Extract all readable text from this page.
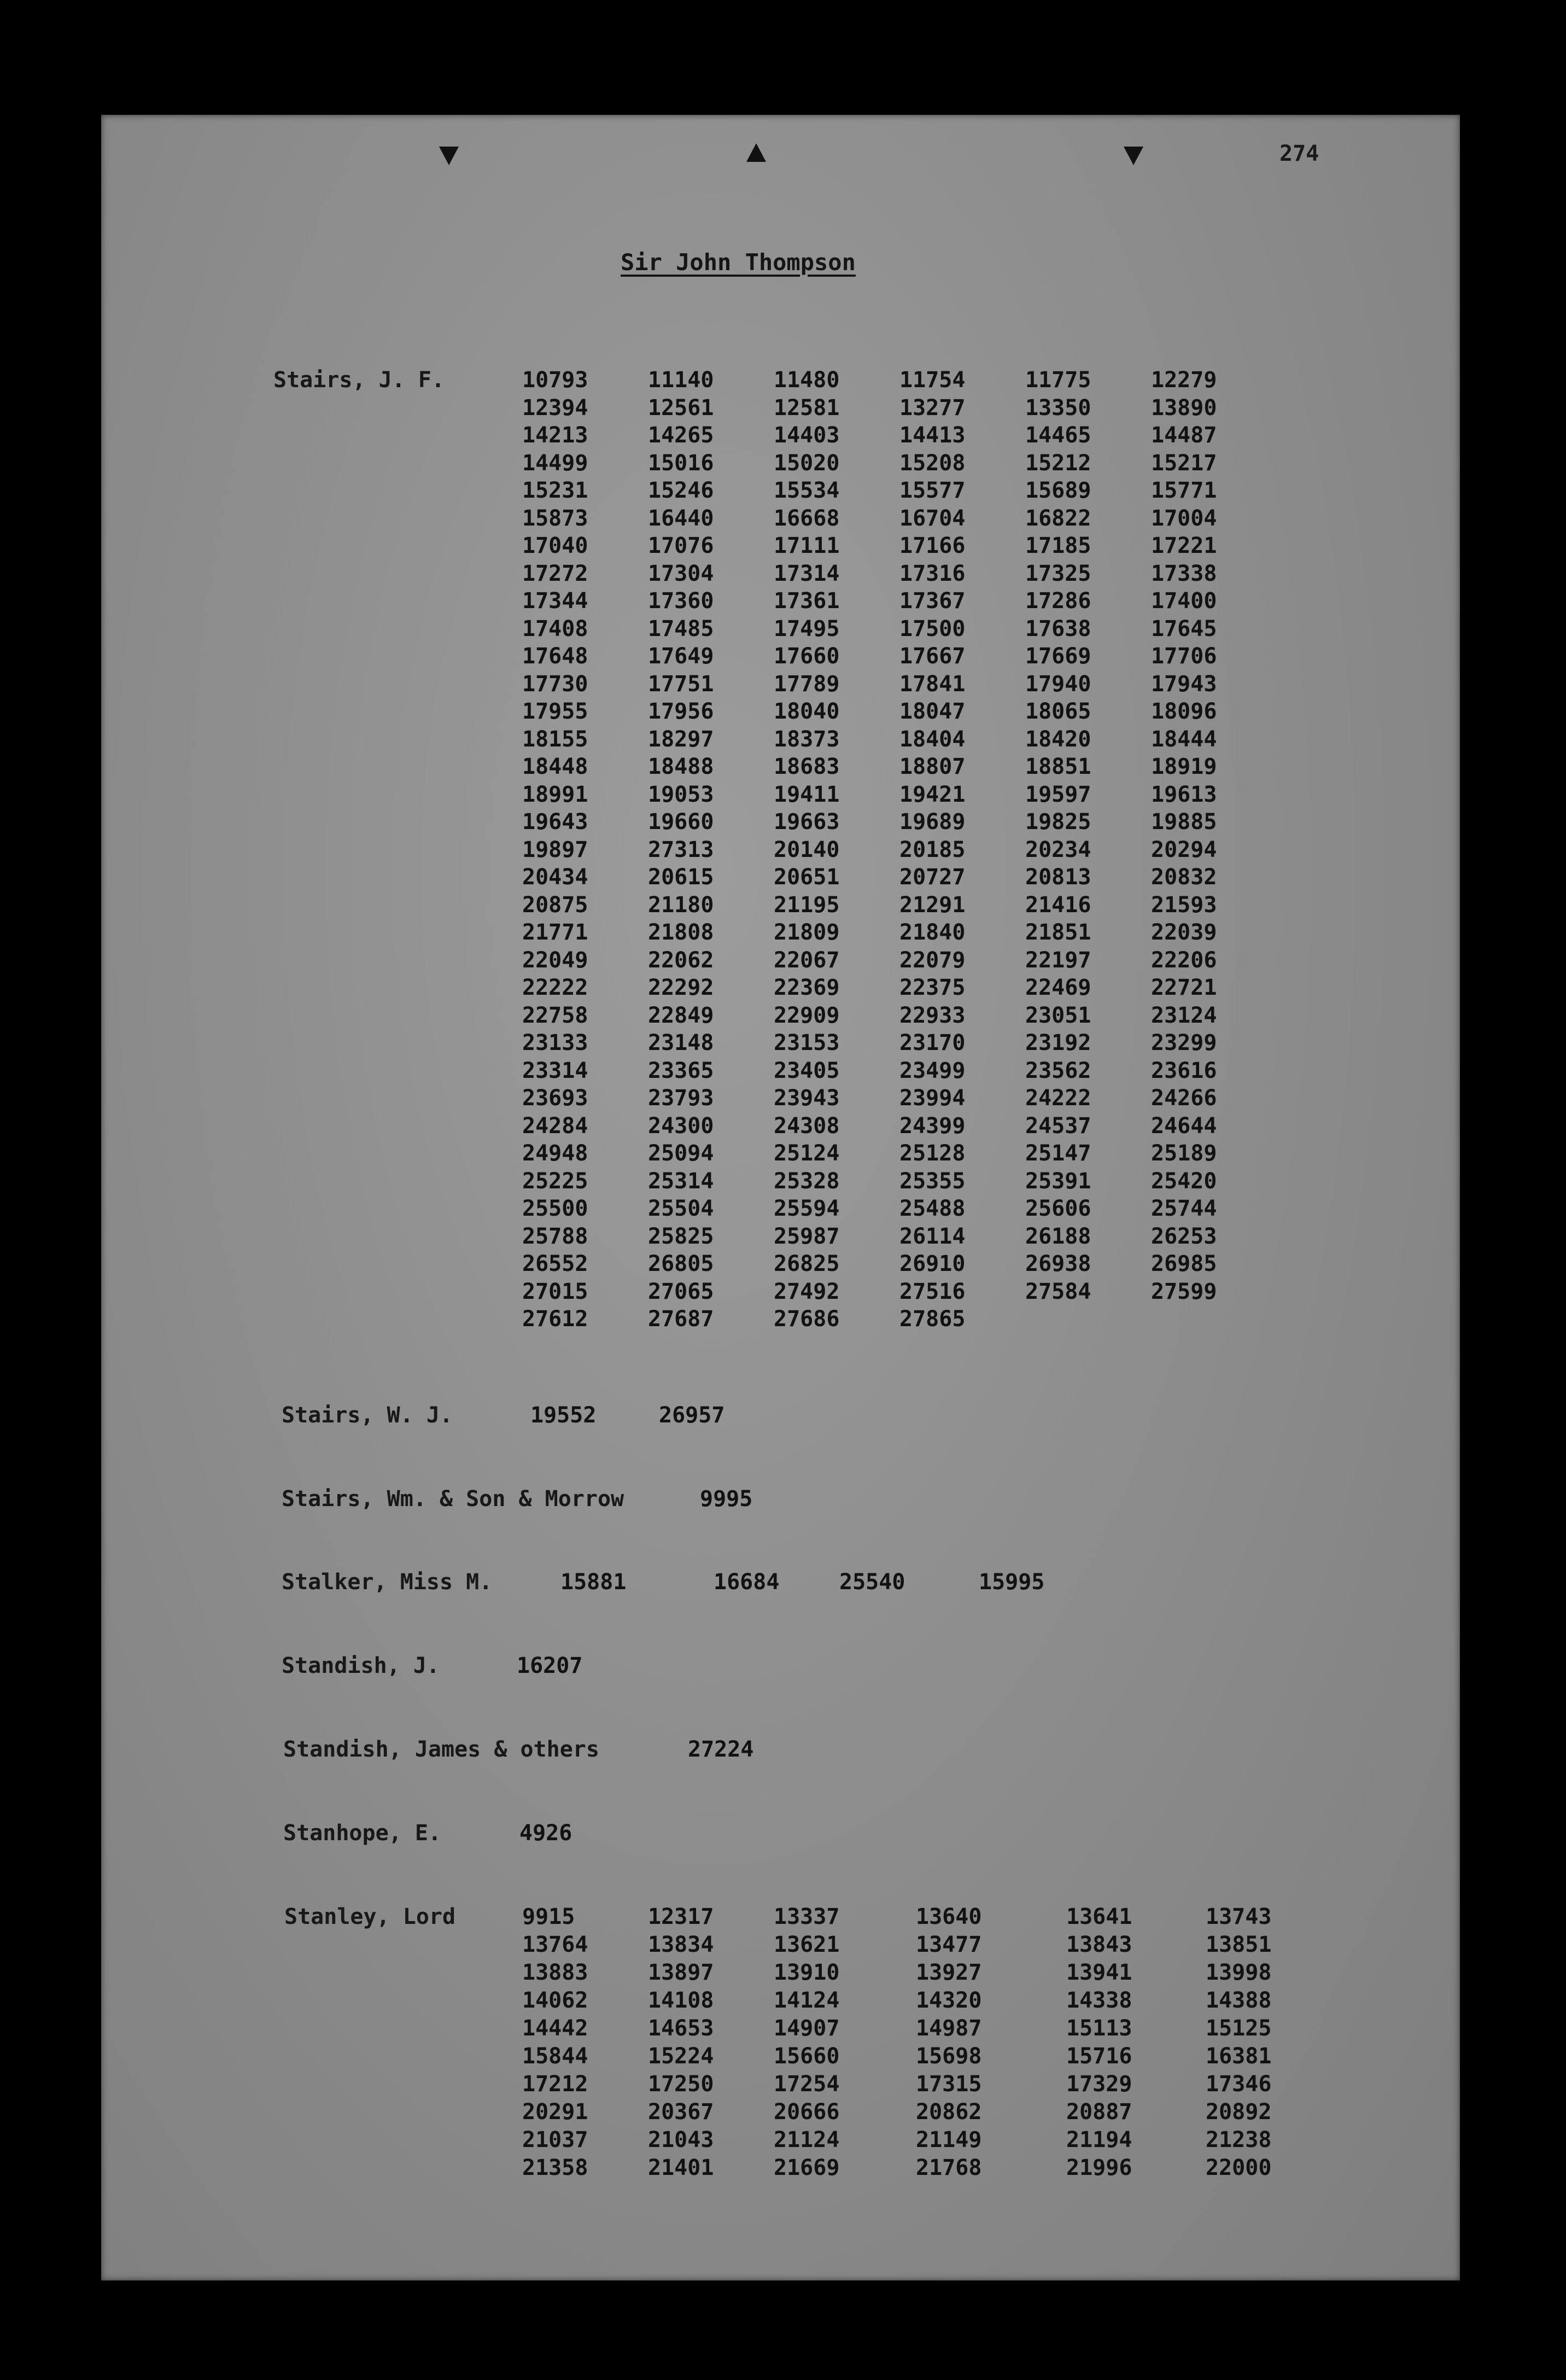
274
Sir John Thompson
Stairs, J. F.	10793	11140	11480	11754	11775	12279
12394	12561	12581	13277	13350	13890
14213	14265	14403	14413	14465	14487
14499	15016	15020	15208	15212	15217
15231	15246	15534	15577	15689	15771
15873	16440	16668	16704	16822	17004
17040	17076	17111	17166	17185	17221
17272	17304	17314	17316	17325	17338
17344	17360	17361	17367	17286	17400
17408	17485	17495	17500	17638	17645
17648	17649	17660	17667	17669	17706
17730	17751	17789	17841	17940	17943
17955	17956	18040	18047	18065	18096
18155	18297	18373	18404	18420	18444
18448	18488	18683	18807	18851	18919
18991	19053	19411	19421	19597	19613
19643	19660	19663	19689	19825	19885
19897	27313	20140	20185	20234	20294
20434	20615	20651	20727	20813	20832
20875	21180	21195	21291	21416	21593
21771	21808	21809	21840	21851	22039
22049	22062	22067	22079	22197	22206
22222	22292	22369	22375	22469	22721
22758	22849	22909	22933	23051	23124
23133	23148	23153	23170	23192	23299
23314	23365	23405	23499	23562	23616
23693	23793	23943	23994	24222	24266
24284	24300	24308	24399	24537	24644
24948	25094	25124	25128	25147	25189
25225	25314	25328	25355	25391	25420
25500	25504	25594	25488	25606	25744
25788	25825	25987	26114	26188	26253
26552	26805	26825	26910	26938	26985
27015	27065	27492	27516	27584	27599
27612	27687	27686	27865
Stairs, W. J.	19552	26957
Stairs, Wm. & Son & Morrow	9995
Stalker, Miss M.	15881	16684	25540	15995
Standish, J.	16207
Standish, James & others	27224
Stanhope, E.	4926
Stanley, Lord	9915	12317	13337	13640	13641	13743
13764	13834	13621	13477	13843	13851
13883	13897	13910	13927	13941	13998
14062	14108	14124	14320	14338	14388
14442	14653	14907	14987	15113	15125
15844	15224	15660	15698	15716	16381
17212	17250	17254	17315	17329	17346
20291	20367	20666	20862	20887	20892
21037	21043	21124	21149	21194	21238
21358	21401	21669	21768	21996	22000
